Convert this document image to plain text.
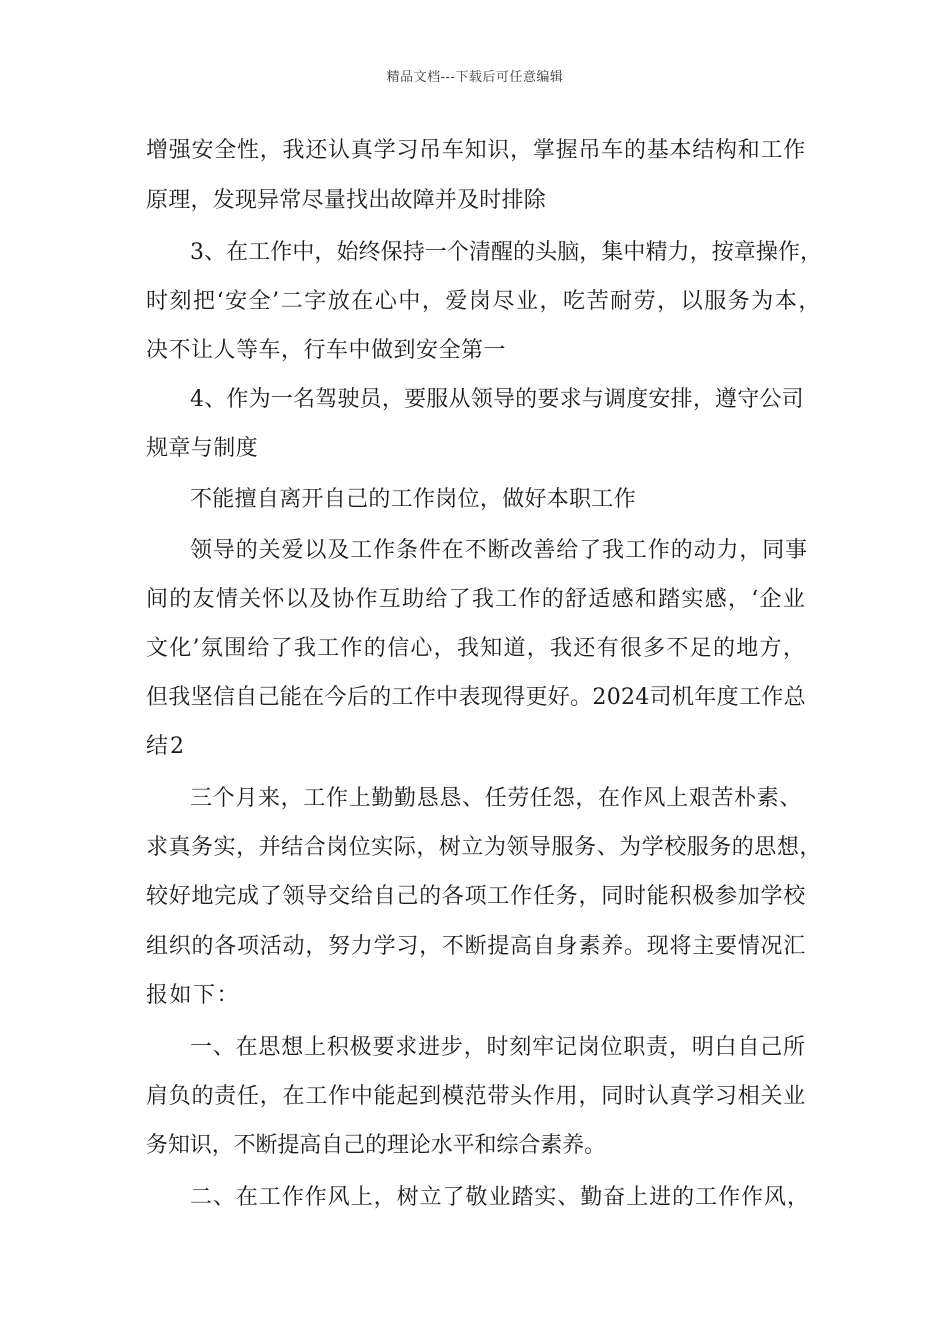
精品文档---下载后可任意编辑
增强安全性，我还认真学习吊车知识，掌握吊车的基本结构和工作
原理，发现异常尽量找出故障并及时排除
3、在工作中，始终保持一个清醒的头脑，集中精力，按章操作，
时刻把‘安全’二字放在心中，爱岗尽业，吃苦耐劳，以服务为本，
决不让人等车，行车中做到安全第一
4、作为一名驾驶员，要服从领导的要求与调度安排，遵守公司
规章与制度
不能擅自离开自己的工作岗位，做好本职工作
领导的关爱以及工作条件在不断改善给了我工作的动力，同事
间的友情关怀以及协作互助给了我工作的舒适感和踏实感，‘企业
文化’氛围给了我工作的信心，我知道，我还有很多不足的地方，
但我坚信自己能在今后的工作中表现得更好。2024司机年度工作总
结2
三个月来，工作上勤勤恳恳、任劳任怨，在作风上艰苦朴素、
求真务实，并结合岗位实际，树立为领导服务、为学校服务的思想，
较好地完成了领导交给自己的各项工作任务，同时能积极参加学校
组织的各项活动，努力学习，不断提高自身素养。现将主要情况汇
报如下：
一、在思想上积极要求进步，时刻牢记岗位职责，明白自己所
肩负的责任，在工作中能起到模范带头作用，同时认真学习相关业
务知识，不断提高自己的理论水平和综合素养。
二、在工作作风上，树立了敬业踏实、勤奋上进的工作作风，
